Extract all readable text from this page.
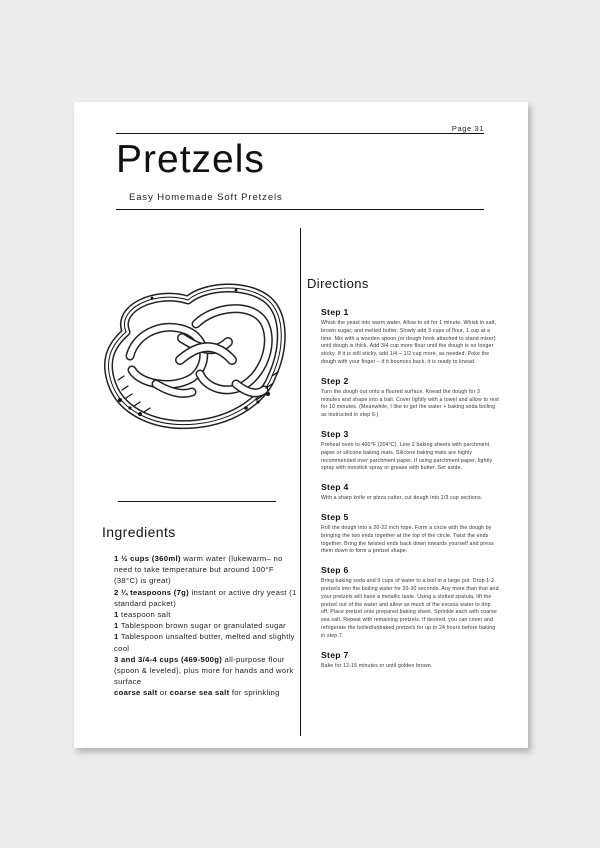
Page 31
Pretzels
Easy Homemade Soft Pretzels
Ingredients
1 ½ cups (360ml) warm water (lukewarm– no need to take temperature but around 100°F (38°C) is great)
2 ¼ teaspoons (7g) instant or active dry yeast (1 standard packet)
1 teaspoon salt
1 Tablespoon brown sugar or granulated sugar
1 Tablespoon unsalted butter, melted and slightly cool
3 and 3/4-4 cups (469-500g) all-purpose flour (spoon & leveled), plus more for hands and work surface
coarse salt or coarse sea salt for sprinkling
Directions
Step 1

Whisk the yeast into warm water. Allow to sit for 1 minute. Whisk in salt, brown sugar, and melted butter. Slowly add 3 cups of flour, 1 cup at a time. Mix with a wooden spoon (or dough hook attached to stand mixer) until dough is thick. Add 3/4 cup more flour until the dough is no longer sticky. If it is still sticky, add 1/4 – 1/2 cup more, as needed. Poke the dough with your finger – if it bounces back, it is ready to knead.

Step 2

Turn the dough out onto a floured surface. Knead the dough for 3 minutes and shape into a ball. Cover lightly with a towel and allow to rest for 10 minutes. (Meanwhile, I like to get the water + baking soda boiling as instructed in step 6.)

Step 3

Preheat oven to 400°F (204°C). Line 2 baking sheets with parchment paper or silicone baking mats. Silicone baking mats are highly recommended over parchment paper. If using parchment paper, lightly spray with nonstick spray or grease with butter. Set aside.

Step 4

With a sharp knife or pizza cutter, cut dough into 1/3 cup sections.

Step 5

Roll the dough into a 20-22 inch rope. Form a circle with the dough by bringing the two ends together at the top of the circle. Twist the ends together. Bring the twisted ends back down towards yourself and press them down to form a pretzel shape.

Step 6

Bring baking soda and 9 cups of water to a boil in a large pot. Drop 1-2 pretzels into the boiling water for 20-30 seconds. Any more than that and your pretzels will have a metallic taste. Using a slotted spatula, lift the pretzel out of the water and allow as much of the excess water to drip off. Place pretzel onto prepared baking sheet. Sprinkle each with coarse sea salt. Repeat with remaining pretzels. If desired, you can cover and refrigerate the boiled/unbaked pretzels for up to 24 hours before baking in step 7.

Step 7

Bake for 12-15 minutes or until golden brown.
